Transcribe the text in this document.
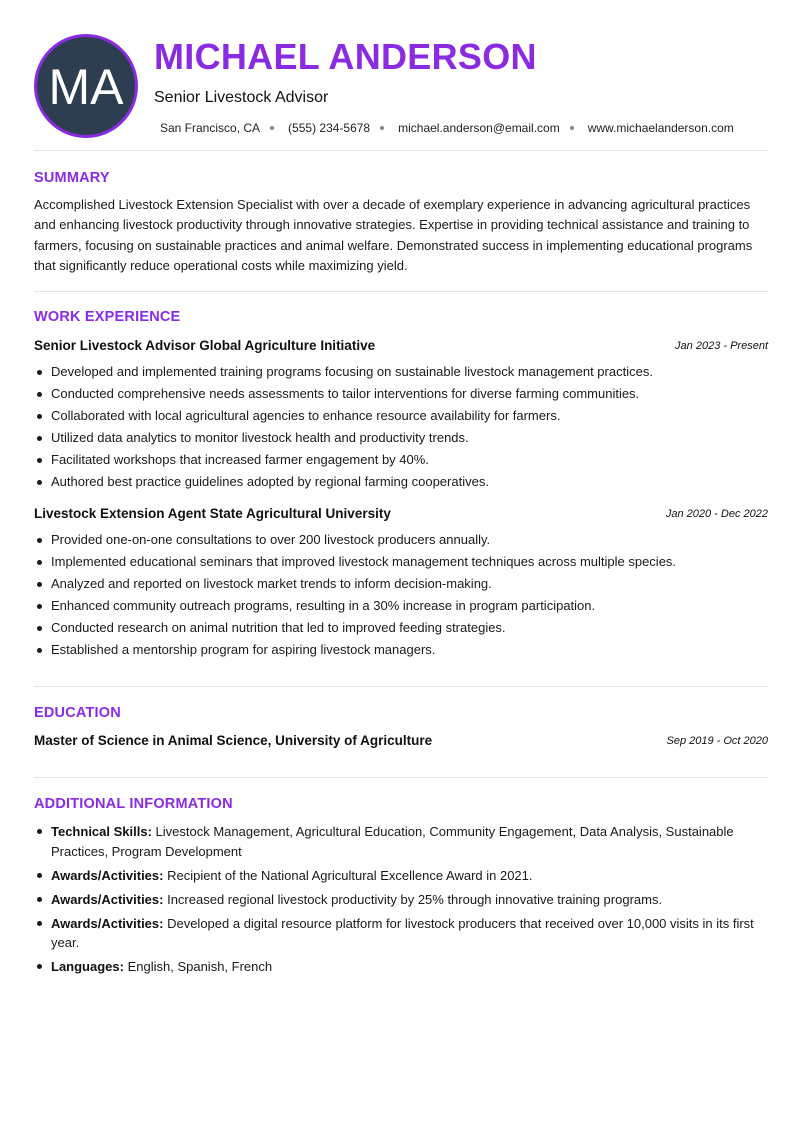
MA
MICHAEL ANDERSON
Senior Livestock Advisor
San Francisco, CA (555) 234-5678 michael.anderson@email.com www.michaelanderson.com
SUMMARY

Accomplished Livestock Extension Specialist with over a decade of exemplary experience in advancing agricultural practices and enhancing livestock productivity through innovative strategies. Expertise in providing technical assistance and training to farmers, focusing on sustainable practices and animal welfare. Demonstrated success in implementing educational programs that significantly reduce operational costs while maximizing yield.

WORK EXPERIENCE
Senior Livestock Advisor Global Agriculture Initiative	Jan 2023 - Present
Developed and implemented training programs focusing on sustainable livestock management practices.
Conducted comprehensive needs assessments to tailor interventions for diverse farming communities.
Collaborated with local agricultural agencies to enhance resource availability for farmers.
Utilized data analytics to monitor livestock health and productivity trends.
Facilitated workshops that increased farmer engagement by 40%.
Authored best practice guidelines adopted by regional farming cooperatives.
Livestock Extension Agent State Agricultural University	Jan 2020 - Dec 2022
Provided one-on-one consultations to over 200 livestock producers annually.
Implemented educational seminars that improved livestock management techniques across multiple species.
Analyzed and reported on livestock market trends to inform decision-making.
Enhanced community outreach programs, resulting in a 30% increase in program participation.
Conducted research on animal nutrition that led to improved feeding strategies.
Established a mentorship program for aspiring livestock managers.
EDUCATION
Master of Science in Animal Science, University of Agriculture	Sep 2019 - Oct 2020
ADDITIONAL INFORMATION
Technical Skills: Livestock Management, Agricultural Education, Community Engagement, Data Analysis, Sustainable Practices, Program Development
Awards/Activities: Recipient of the National Agricultural Excellence Award in 2021.
Awards/Activities: Increased regional livestock productivity by 25% through innovative training programs.
Awards/Activities: Developed a digital resource platform for livestock producers that received over 10,000 visits in its first year.
Languages: English, Spanish, French
